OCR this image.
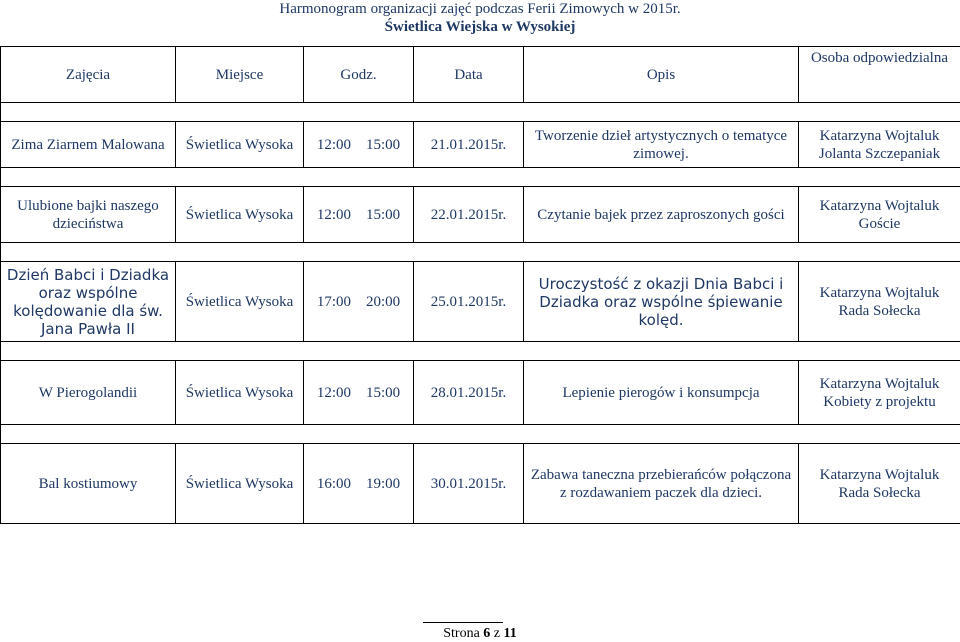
Harmonogram organizacji zajęć podczas Ferii Zimowych w 2015r.
Świetlica Wiejska w Wysokiej
Zajęcia	Miejsce	Godz.	Data	Opis	Osoba odpowiedzialna

Zima Ziarnem Malowana	Świetlica Wysoka	12:00 15:00	21.01.2015r.	Tworzenie dzieł artystycznych o tematyce zimowej.	Katarzyna Wojtaluk
Jolanta Szczepaniak

Ulubione bajki naszego dzieciństwa	Świetlica Wysoka	12:00 15:00	22.01.2015r.	Czytanie bajek przez zaproszonych gości	Katarzyna Wojtaluk
Goście

Dzień Babci i Dziadka oraz wspólne kolędowanie dla św. Jana Pawła II	Świetlica Wysoka	17:00 20:00	25.01.2015r.	Uroczystość z okazji Dnia Babci i Dziadka oraz wspólne śpiewanie kolęd.	Katarzyna Wojtaluk
Rada Sołecka

W Pierogolandii	Świetlica Wysoka	12:00 15:00	28.01.2015r.	Lepienie pierogów i konsumpcja	Katarzyna Wojtaluk
Kobiety z projektu

Bal kostiumowy	Świetlica Wysoka	16:00 19:00	30.01.2015r.	Zabawa taneczna przebierańców połączona z rozdawaniem paczek dla dzieci.	Katarzyna Wojtaluk
Rada Sołecka
Strona 6 z 11
